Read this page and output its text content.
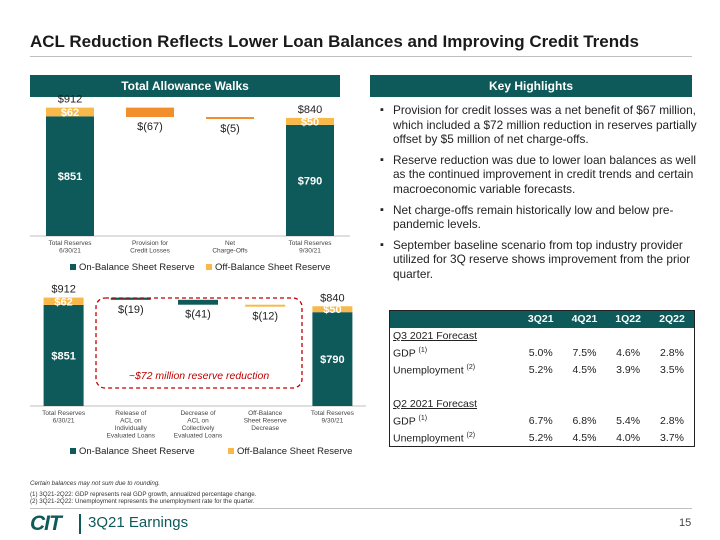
ACL Reduction Reflects Lower Loan Balances and Improving Credit Trends
Total Allowance Walks	Key Highlights
$851
$62
$912
$790
$50
$840
$(67)	$(5)
Total Reserves
6/30/21
Provision for
Credit Losses
Net
Charge-Offs
Total Reserves
9/30/21
On-Balance Sheet Reserve Off-Balance Sheet Reserve
$851
$62
$912
$790
$50
$840
$(19)	$(41)	$(12)
Total Reserves
6/30/21
Release of
ACL on
Individually
Evaluated Loans
Decrease of
ACL on
Collectively
Evaluated Loans
Off-Balance
Sheet Reserve
Decrease
Total Reserves
9/30/21
On-Balance Sheet Reserve	Off-Balance Sheet Reserve
~$72 million reserve reduction
▪ Provision for credit losses was a net benefit of $67 million, which included a $72 million reduction in reserves partially offset by $5 million of net charge-offs.
▪ Reserve reduction was due to lower loan balances as well as the continued improvement in credit trends and certain macroeconomic variable forecasts.
▪ Net charge-offs remain historically low and below pre-pandemic levels.
▪ September baseline scenario from top industry provider utilized for 3Q reserve shows improvement from the prior quarter.
	3Q21	4Q21	1Q22	2Q22
Q3 2021 Forecast				
GDP $^{(1)}$	5.0%	7.5%	4.6%	2.8%
Unemployment $^{(2)}$	5.2%	4.5%	3.9%	3.5%

Q2 2021 Forecast				
GDP $^{(1)}$	6.7%	6.8%	5.4%	2.8%
Unemployment $^{(2)}$	5.2%	4.5%	4.0%	3.7%
Certain balances may not sum due to rounding.
(1) 3Q21-2Q22: GDP represents real GDP growth, annualized percentage change.
(2) 3Q21-2Q22: Unemployment represents the unemployment rate for the quarter.
CIT 3Q21 Earnings	15
